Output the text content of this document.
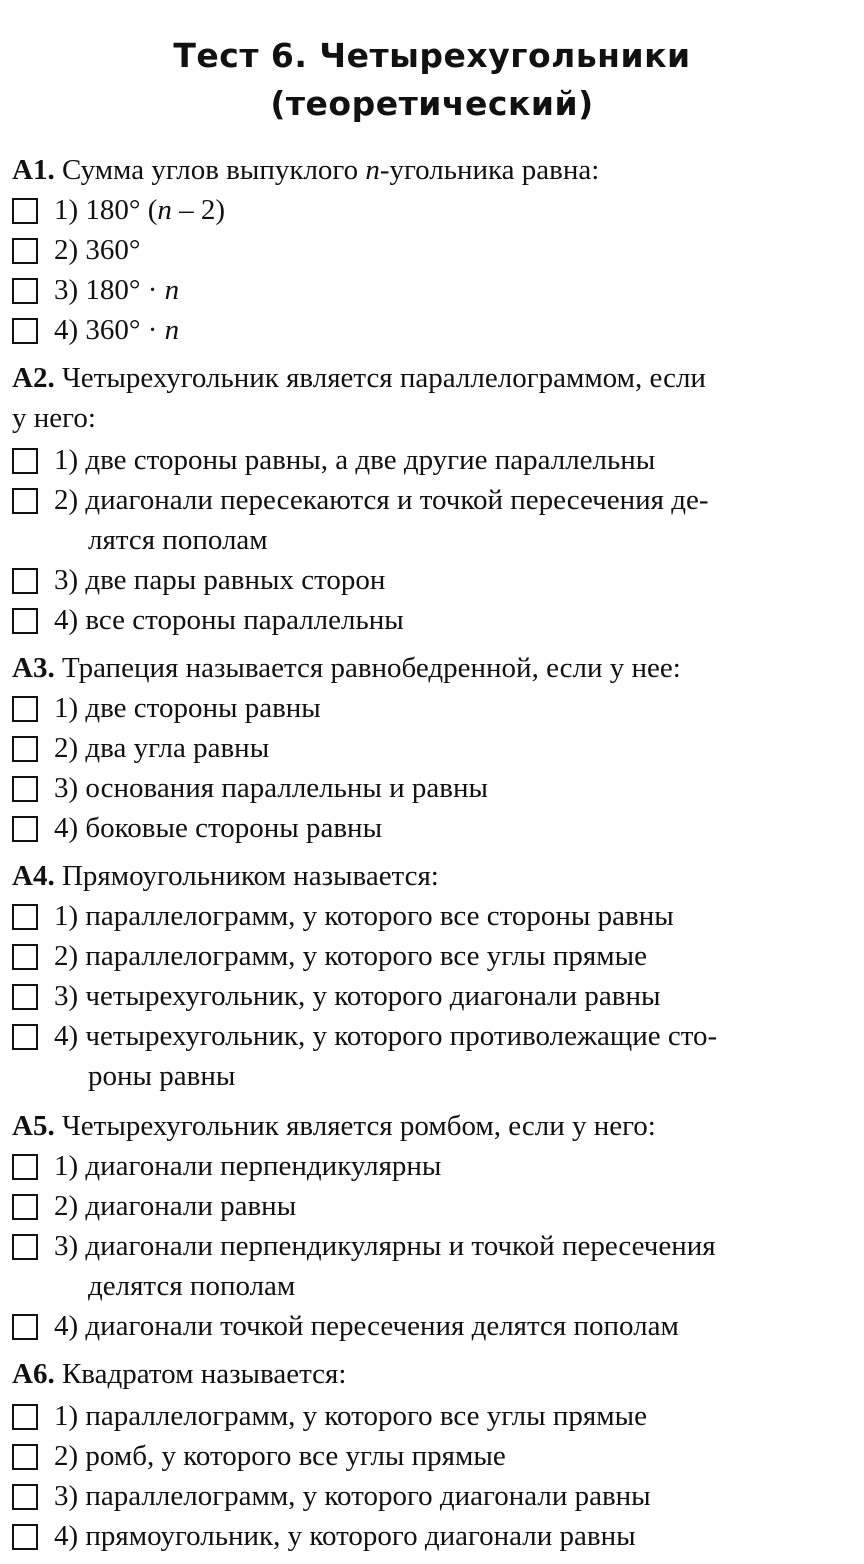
Тест 6. Четырехугольники
(теоретический)
A1. Сумма углов выпуклого n-угольника равна:
1) 180° (n – 2)
2) 360°
3) 180° · n
4) 360° · n
A2. Четырехугольник является параллелограммом, если
у него:
1) две стороны равны, а две другие параллельны
2) диагонали пересекаются и точкой пересечения де-
лятся пополам
3) две пары равных сторон
4) все стороны параллельны
A3. Трапеция называется равнобедренной, если у нее:
1) две стороны равны
2) два угла равны
3) основания параллельны и равны
4) боковые стороны равны
A4. Прямоугольником называется:
1) параллелограмм, у которого все стороны равны
2) параллелограмм, у которого все углы прямые
3) четырехугольник, у которого диагонали равны
4) четырехугольник, у которого противолежащие сто-
роны равны
A5. Четырехугольник является ромбом, если у него:
1) диагонали перпендикулярны
2) диагонали равны
3) диагонали перпендикулярны и точкой пересечения
делятся пополам
4) диагонали точкой пересечения делятся пополам
A6. Квадратом называется:
1) параллелограмм, у которого все углы прямые
2) ромб, у которого все углы прямые
3) параллелограмм, у которого диагонали равны
4) прямоугольник, у которого диагонали равны
